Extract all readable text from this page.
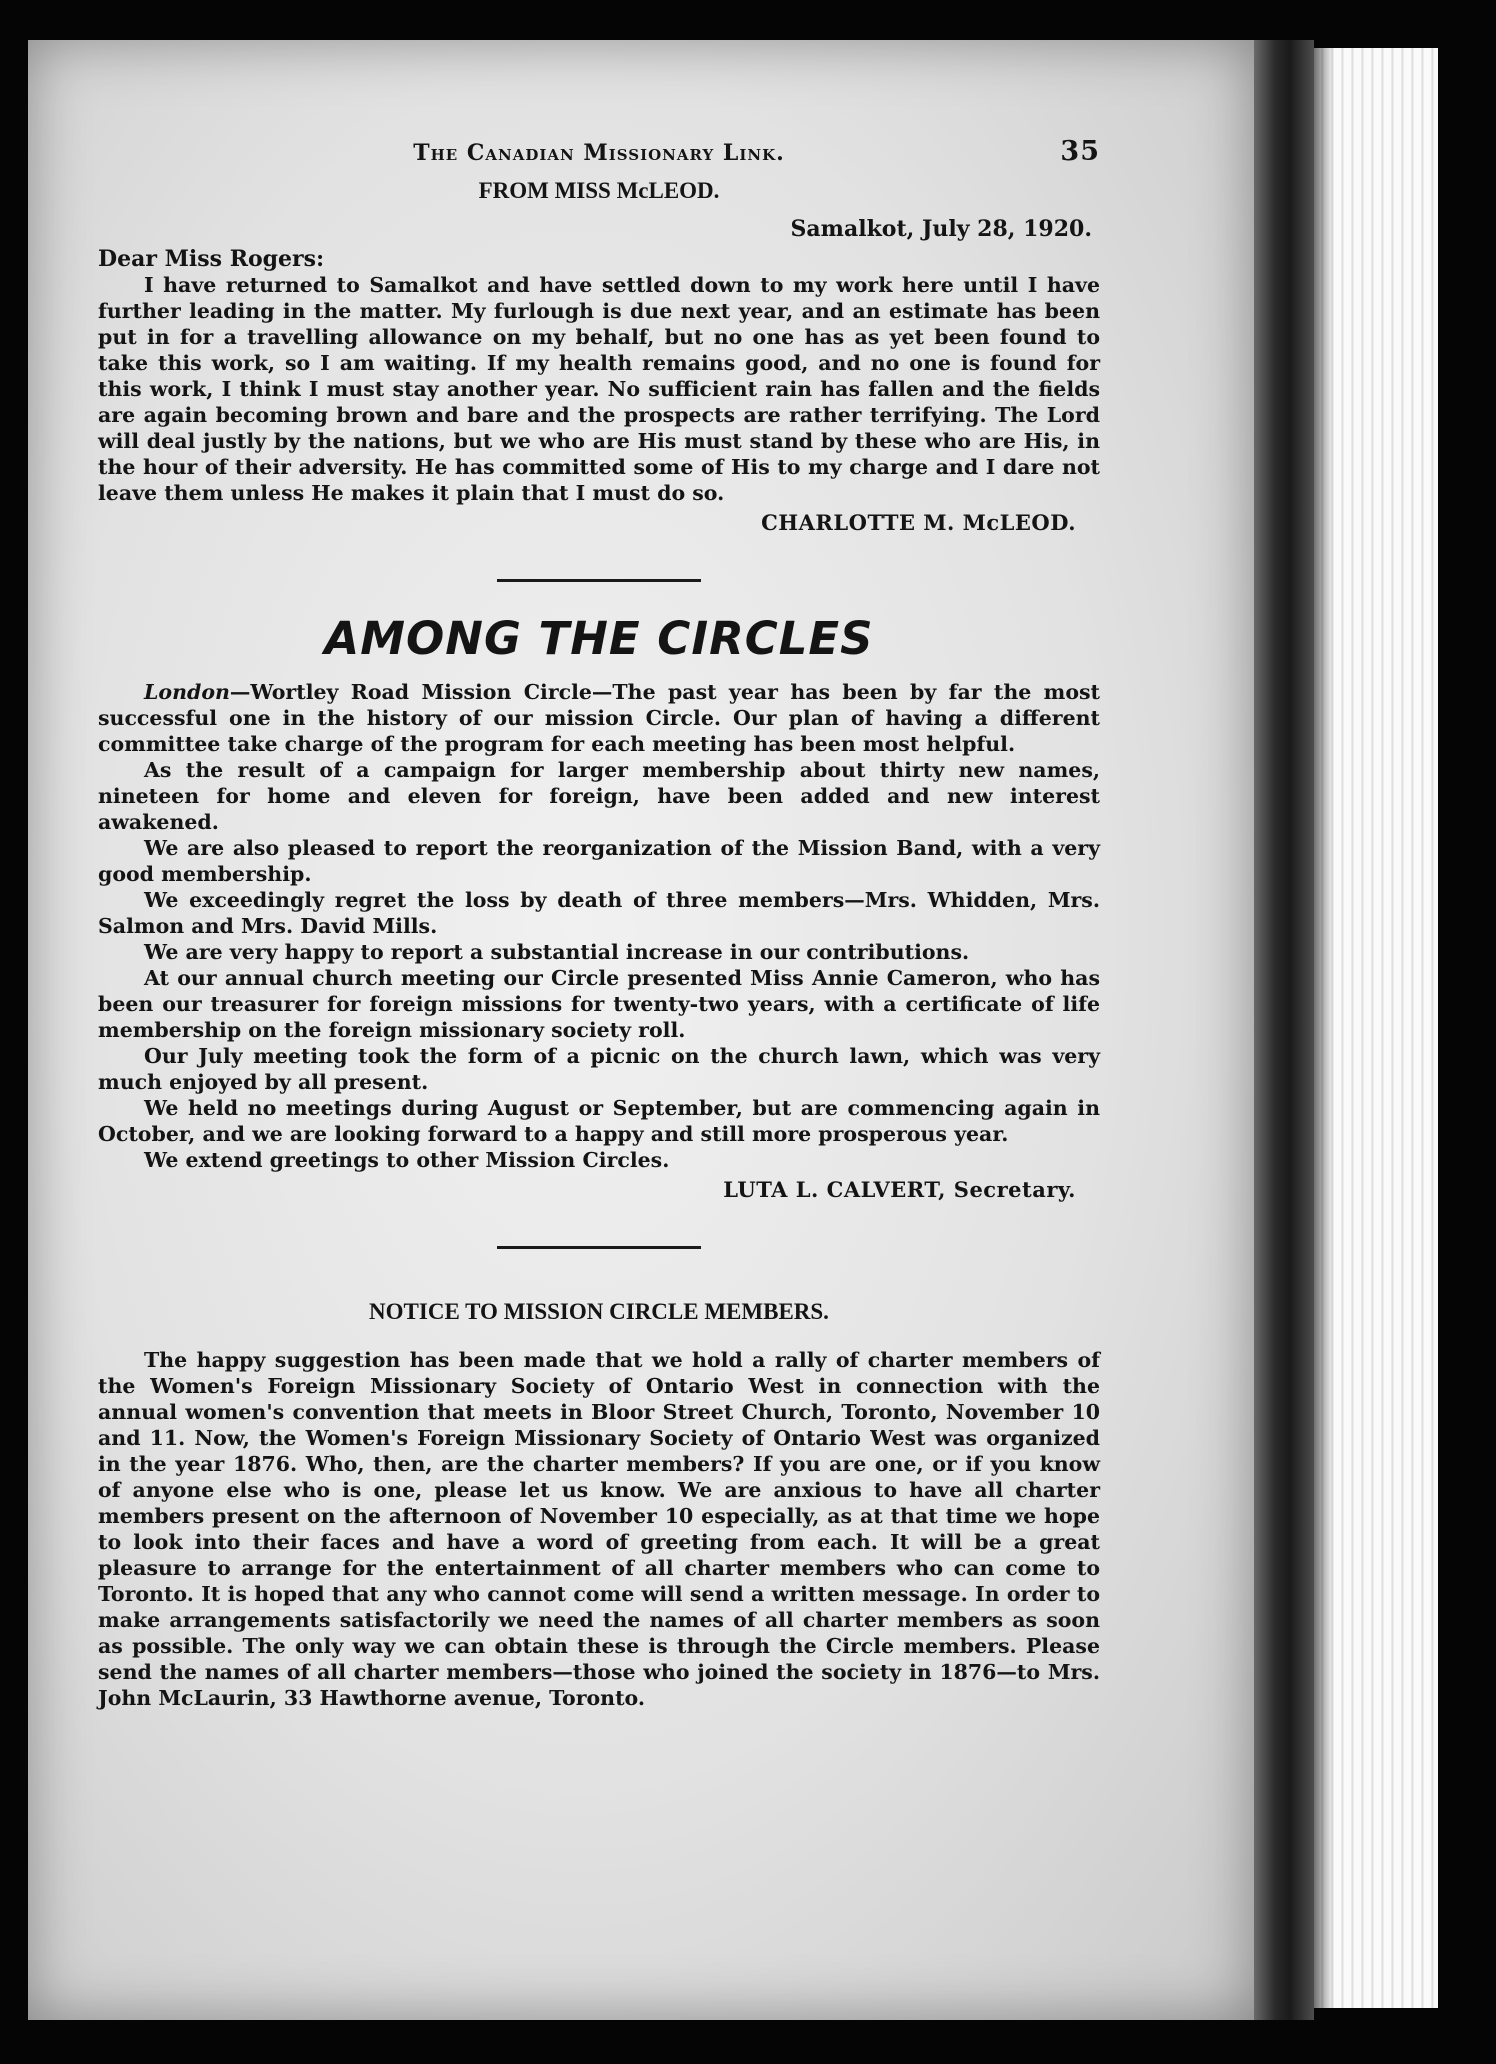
The Canadian Missionary Link.	35
FROM MISS McLEOD.
Samalkot, July 28, 1920.
Dear Miss Rogers:

I have returned to Samalkot and have settled down to my work here until I have further leading in the matter. My furlough is due next year, and an estimate has been put in for a travelling allowance on my behalf, but no one has as yet been found to take this work, so I am waiting. If my health remains good, and no one is found for this work, I think I must stay another year. No sufficient rain has fallen and the fields are again becoming brown and bare and the prospects are rather terrifying. The Lord will deal justly by the nations, but we who are His must stand by these who are His, in the hour of their adversity. He has committed some of His to my charge and I dare not leave them unless He makes it plain that I must do so.

CHARLOTTE M. McLEOD.
AMONG THE CIRCLES

London—Wortley Road Mission Circle—The past year has been by far the most successful one in the history of our mission Circle. Our plan of having a different committee take charge of the program for each meeting has been most helpful.

As the result of a campaign for larger membership about thirty new names, nineteen for home and eleven for foreign, have been added and new interest awakened.

We are also pleased to report the reorganization of the Mission Band, with a very good membership.

We exceedingly regret the loss by death of three members—Mrs. Whidden, Mrs. Salmon and Mrs. David Mills.

We are very happy to report a substantial increase in our contributions.

At our annual church meeting our Circle presented Miss Annie Cameron, who has been our treasurer for foreign missions for twenty-two years, with a certificate of life membership on the foreign missionary society roll.

Our July meeting took the form of a picnic on the church lawn, which was very much enjoyed by all present.

We held no meetings during August or September, but are commencing again in October, and we are looking forward to a happy and still more prosperous year.

We extend greetings to other Mission Circles.

LUTA L. CALVERT, Secretary.
NOTICE TO MISSION CIRCLE MEMBERS.

The happy suggestion has been made that we hold a rally of charter members of the Women's Foreign Missionary Society of Ontario West in connection with the annual women's convention that meets in Bloor Street Church, Toronto, November 10 and 11. Now, the Women's Foreign Missionary Society of Ontario West was organized in the year 1876. Who, then, are the charter members? If you are one, or if you know of anyone else who is one, please let us know. We are anxious to have all charter members present on the afternoon of November 10 especially, as at that time we hope to look into their faces and have a word of greeting from each. It will be a great pleasure to arrange for the entertainment of all charter members who can come to Toronto. It is hoped that any who cannot come will send a written message. In order to make arrangements satisfactorily we need the names of all charter members as soon as possible. The only way we can obtain these is through the Circle members. Please send the names of all charter members—those who joined the society in 1876—to Mrs. John McLaurin, 33 Hawthorne avenue, Toronto.
